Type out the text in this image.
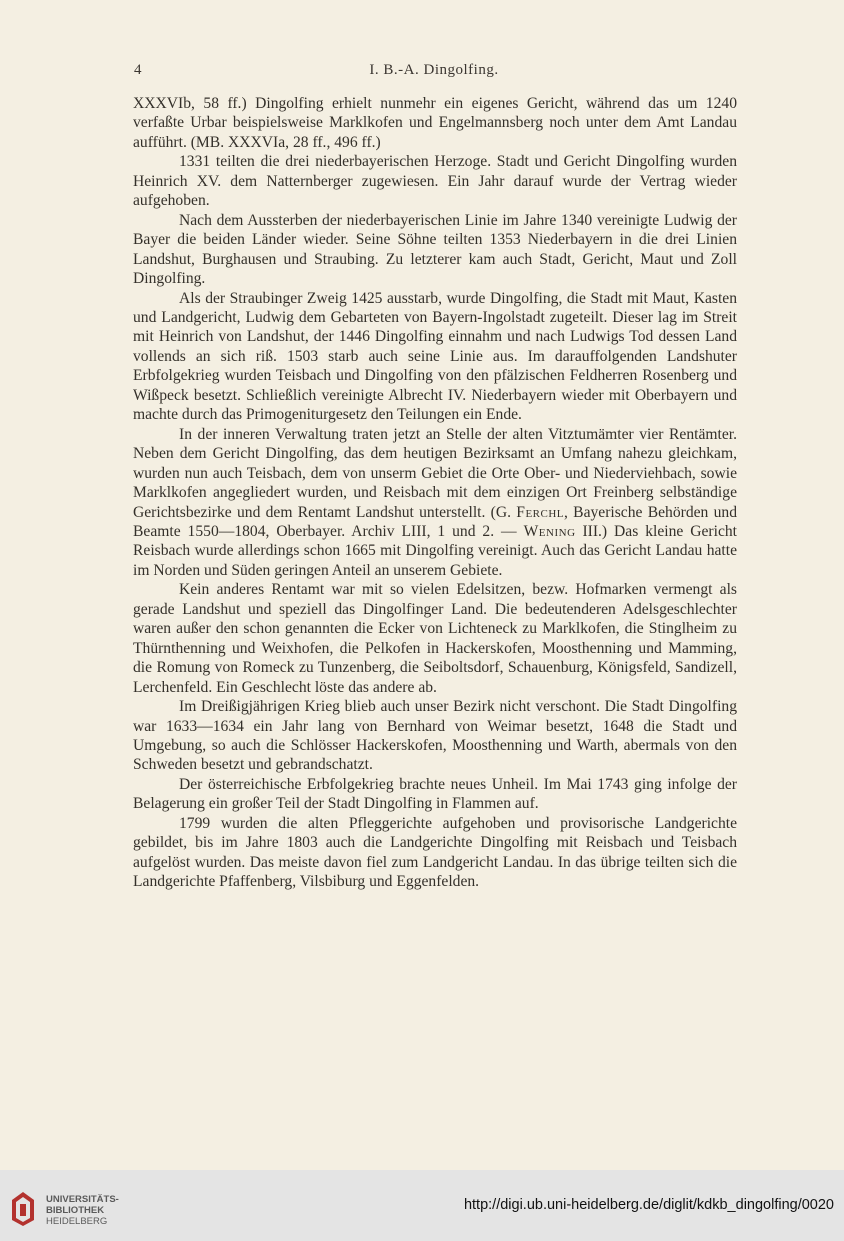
4	I. B.-A. Dingolfing.

XXXVIb, 58 ff.) Dingolfing erhielt nunmehr ein eigenes Gericht, während das um 1240 verfaßte Urbar beispielsweise Marklkofen und Engelmannsberg noch unter dem Amt Landau aufführt. (MB. XXXVIa, 28 ff., 496 ff.)

1331 teilten die drei niederbayerischen Herzoge. Stadt und Gericht Dingolfing wurden Heinrich XV. dem Natternberger zugewiesen. Ein Jahr darauf wurde der Vertrag wieder aufgehoben.

Nach dem Aussterben der niederbayerischen Linie im Jahre 1340 vereinigte Ludwig der Bayer die beiden Länder wieder. Seine Söhne teilten 1353 Niederbayern in die drei Linien Landshut, Burghausen und Straubing. Zu letzterer kam auch Stadt, Gericht, Maut und Zoll Dingolfing.

Als der Straubinger Zweig 1425 ausstarb, wurde Dingolfing, die Stadt mit Maut, Kasten und Landgericht, Ludwig dem Gebarteten von Bayern-Ingolstadt zugeteilt. Dieser lag im Streit mit Heinrich von Landshut, der 1446 Dingolfing einnahm und nach Ludwigs Tod dessen Land vollends an sich riß. 1503 starb auch seine Linie aus. Im darauffolgenden Landshuter Erbfolgekrieg wurden Teisbach und Dingolfing von den pfälzischen Feldherren Rosenberg und Wißpeck besetzt. Schließlich vereinigte Albrecht IV. Niederbayern wieder mit Oberbayern und machte durch das Primogeniturgesetz den Teilungen ein Ende.

In der inneren Verwaltung traten jetzt an Stelle der alten Vitztumämter vier Rentämter. Neben dem Gericht Dingolfing, das dem heutigen Bezirksamt an Umfang nahezu gleichkam, wurden nun auch Teisbach, dem von unserm Gebiet die Orte Ober- und Niederviehbach, sowie Marklkofen angegliedert wurden, und Reisbach mit dem einzigen Ort Freinberg selbständige Gerichtsbezirke und dem Rentamt Landshut unterstellt. (G. Ferchl, Bayerische Behörden und Beamte 1550—1804, Oberbayer. Archiv LIII, 1 und 2. — Wening III.) Das kleine Gericht Reisbach wurde allerdings schon 1665 mit Dingolfing vereinigt. Auch das Gericht Landau hatte im Norden und Süden geringen Anteil an unserem Gebiete.

Kein anderes Rentamt war mit so vielen Edelsitzen, bezw. Hofmarken vermengt als gerade Landshut und speziell das Dingolfinger Land. Die bedeutenderen Adelsgeschlechter waren außer den schon genannten die Ecker von Lichteneck zu Marklkofen, die Stinglheim zu Thürnthenning und Weixhofen, die Pelkofen in Hackerskofen, Moosthenning und Mamming, die Romung von Romeck zu Tunzenberg, die Seiboltsdorf, Schauenburg, Königsfeld, Sandizell, Lerchenfeld. Ein Geschlecht löste das andere ab.

Im Dreißigjährigen Krieg blieb auch unser Bezirk nicht verschont. Die Stadt Dingolfing war 1633—1634 ein Jahr lang von Bernhard von Weimar besetzt, 1648 die Stadt und Umgebung, so auch die Schlösser Hackerskofen, Moosthenning und Warth, abermals von den Schweden besetzt und gebrandschatzt.

Der österreichische Erbfolgekrieg brachte neues Unheil. Im Mai 1743 ging infolge der Belagerung ein großer Teil der Stadt Dingolfing in Flammen auf.

1799 wurden die alten Pfleggerichte aufgehoben und provisorische Landgerichte gebildet, bis im Jahre 1803 auch die Landgerichte Dingolfing mit Reisbach und Teisbach aufgelöst wurden. Das meiste davon fiel zum Landgericht Landau. In das übrige teilten sich die Landgerichte Pfaffenberg, Vilsbiburg und Eggenfelden.

UNIVERSITÄTS-
BIBLIOTHEK
HEIDELBERG
http://digi.ub.uni-heidelberg.de/diglit/kdkb_dingolfing/0020
